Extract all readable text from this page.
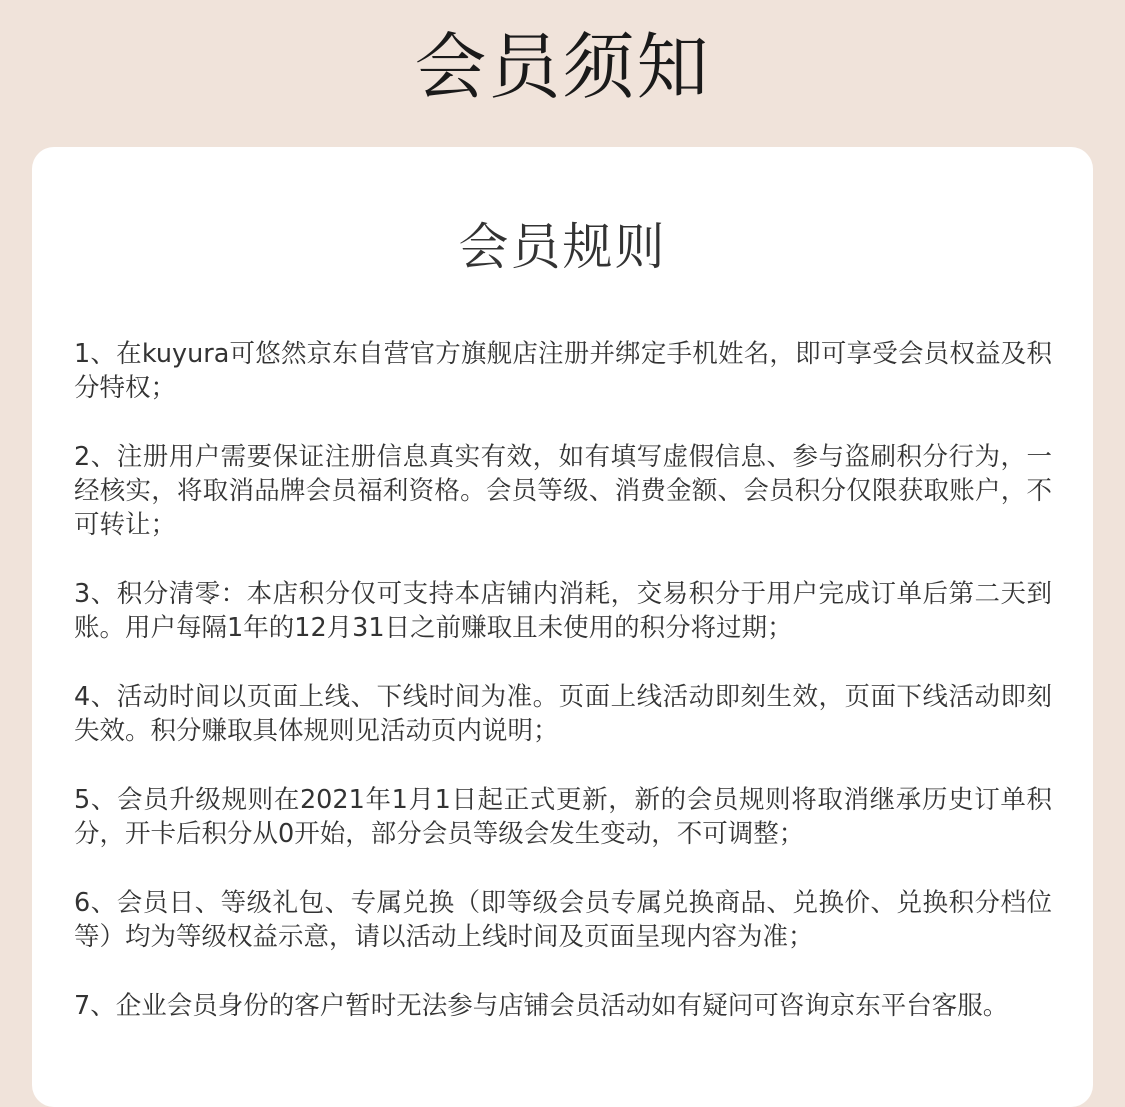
会员须知
会员规则
1、在kuyura可悠然京东自营官方旗舰店注册并绑定手机姓名，即可享受会员权益及积分特权；
2、注册用户需要保证注册信息真实有效，如有填写虚假信息、参与盗刷积分行为，一经核实，将取消品牌会员福利资格。会员等级、消费金额、会员积分仅限获取账户，不可转让；
3、积分清零：本店积分仅可支持本店铺内消耗，交易积分于用户完成订单后第二天到账。用户每隔1年的12月31日之前赚取且未使用的积分将过期；
4、活动时间以页面上线、下线时间为准。页面上线活动即刻生效，页面下线活动即刻失效。积分赚取具体规则见活动页内说明；
5、会员升级规则在2021年1月1日起正式更新，新的会员规则将取消继承历史订单积分，开卡后积分从0开始，部分会员等级会发生变动，不可调整；
6、会员日、等级礼包、专属兑换（即等级会员专属兑换商品、兑换价、兑换积分档位等）均为等级权益示意，请以活动上线时间及页面呈现内容为准；
7、企业会员身份的客户暂时无法参与店铺会员活动如有疑问可咨询京东平台客服。
